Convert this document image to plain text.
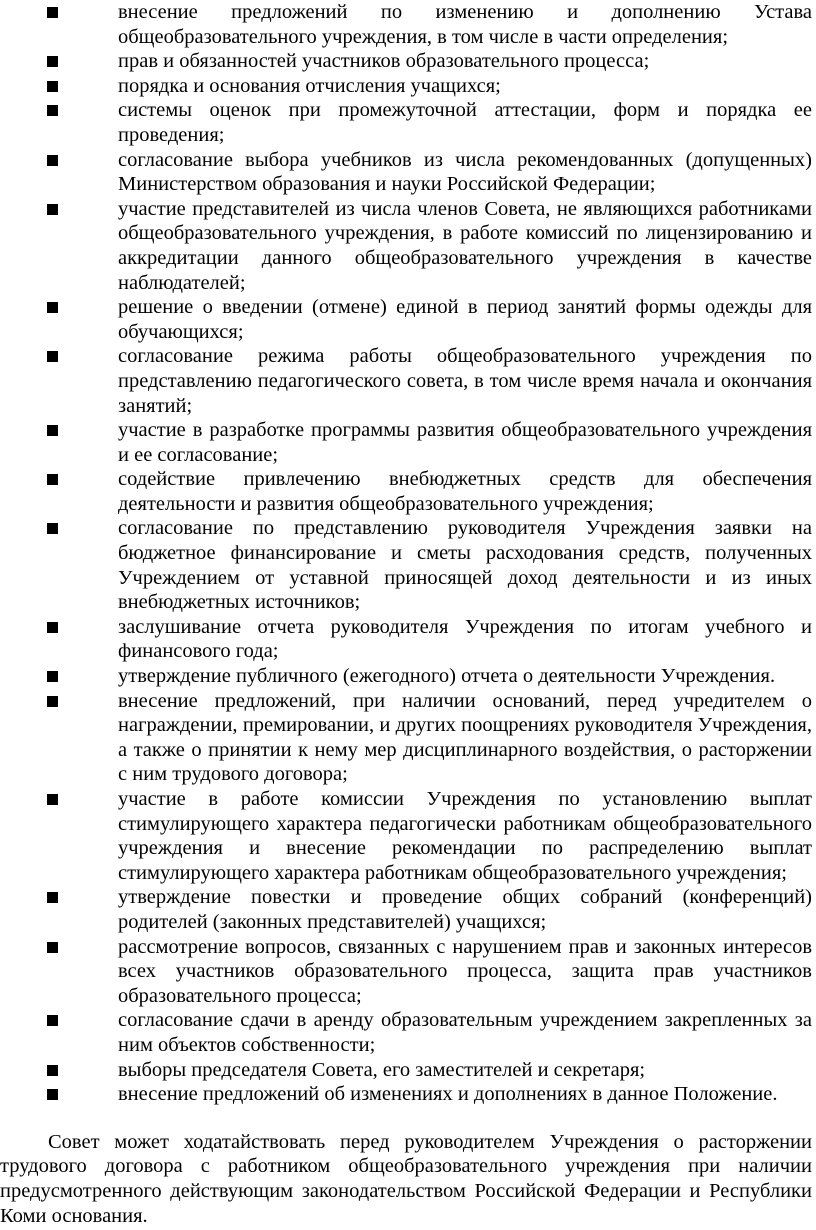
внесение предложений по изменению и дополнению Устава общеобразовательного учреждения, в том числе в части определения;
прав и обязанностей участников образовательного процесса;
порядка и основания отчисления учащихся;
системы оценок при промежуточной аттестации, форм и порядка ее проведения;
согласование выбора учебников из числа рекомендованных (допущенных) Министерством образования и науки Российской Федерации;
участие представителей из числа членов Совета, не являющихся работниками общеобразовательного учреждения, в работе комиссий по лицензированию и аккредитации данного общеобразовательного учреждения в качестве наблюдателей;
решение о введении (отмене) единой в период занятий формы одежды для обучающихся;
согласование режима работы общеобразовательного учреждения по представлению педагогического совета, в том числе время начала и окончания занятий;
участие в разработке программы развития общеобразовательного учреждения и ее согласование;
содействие привлечению внебюджетных средств для обеспечения деятельности и развития общеобразовательного учреждения;
согласование по представлению руководителя Учреждения заявки на бюджетное финансирование и сметы расходования средств, полученных Учреждением от уставной приносящей доход деятельности и из иных внебюджетных источников;
заслушивание отчета руководителя Учреждения по итогам учебного и финансового года;
утверждение публичного (ежегодного) отчета о деятельности Учреждения.
внесение предложений, при наличии оснований, перед учредителем о награждении, премировании, и других поощрениях руководителя Учреждения, а также о принятии к нему мер дисциплинарного воздействия, о расторжении с ним трудового договора;
участие в работе комиссии Учреждения по установлению выплат стимулирующего характера педагогически работникам общеобразовательного учреждения и внесение рекомендации по распределению выплат стимулирующего характера работникам общеобразовательного учреждения;
утверждение повестки и проведение общих собраний (конференций) родителей (законных представителей) учащихся;
рассмотрение вопросов, связанных с нарушением прав и законных интересов всех участников образовательного процесса, защита прав участников образовательного процесса;
согласование сдачи в аренду образовательным учреждением закрепленных за ним объектов собственности;
выборы председателя Совета, его заместителей и секретаря;
внесение предложений об изменениях и дополнениях в данное Положение.

Совет может ходатайствовать перед руководителем Учреждения о расторжении трудового договора с работником общеобразовательного учреждения при наличии предусмотренного действующим законодательством Российской Федерации и Республики Коми основания.
